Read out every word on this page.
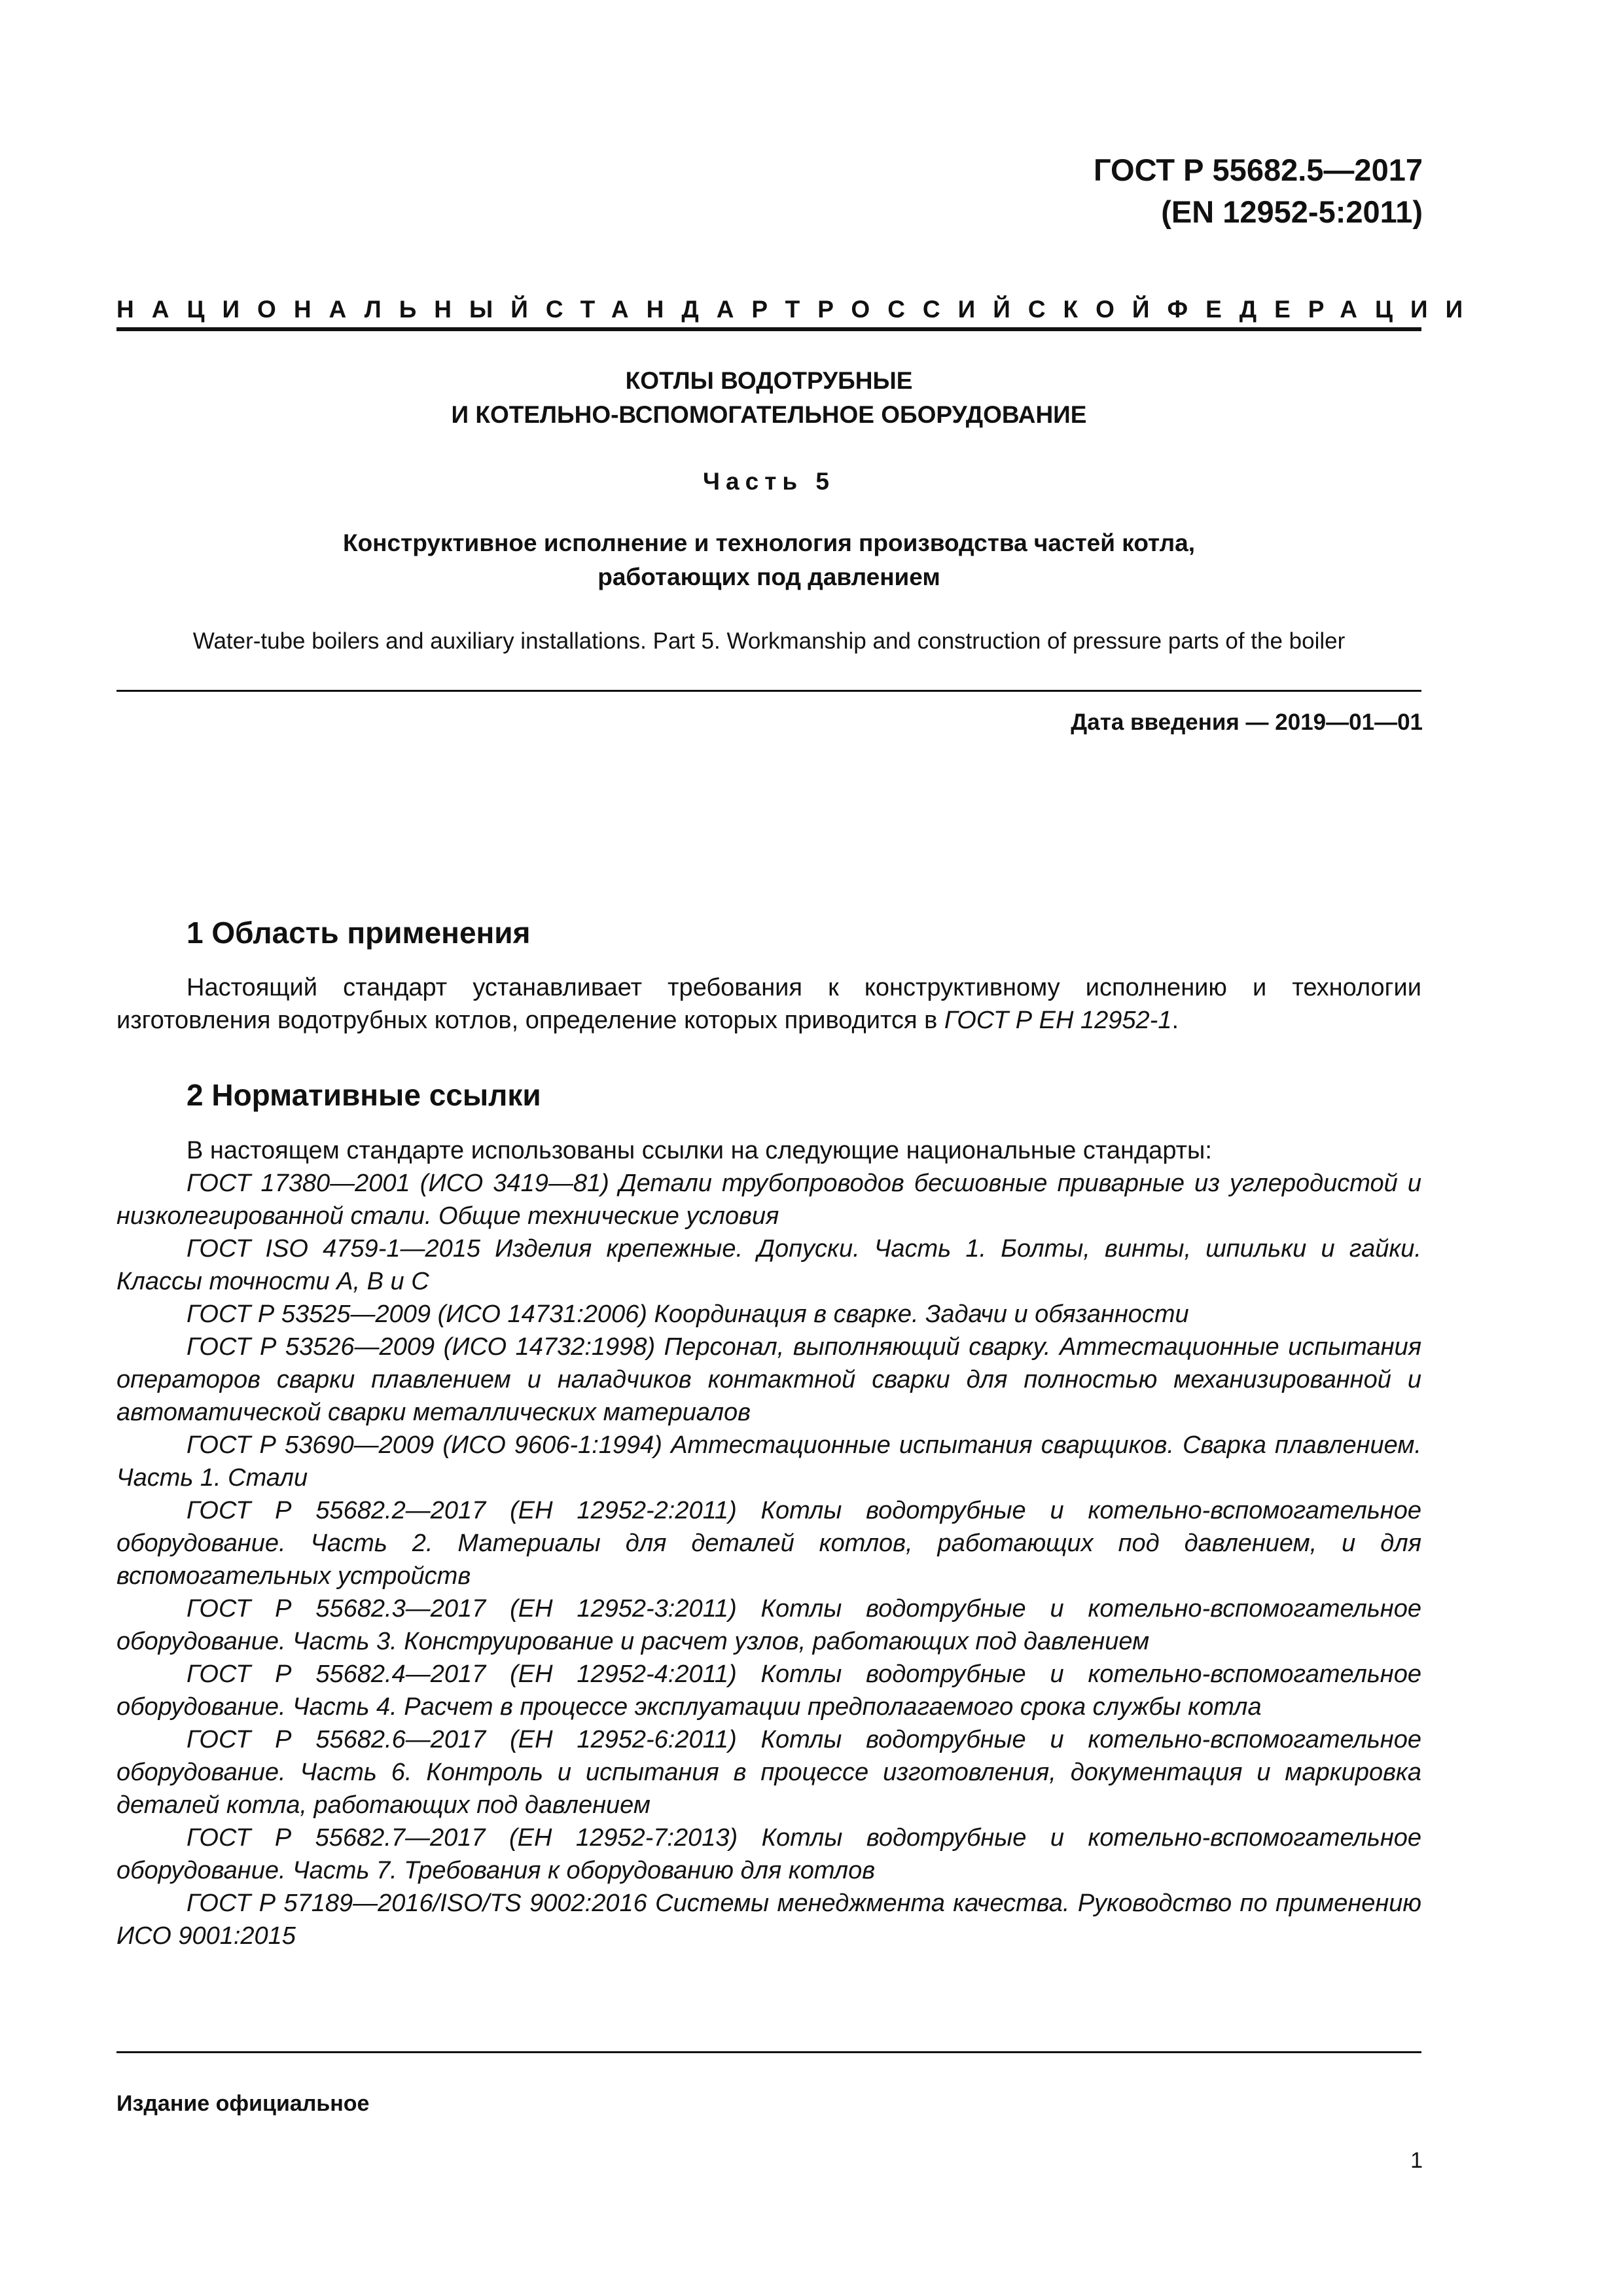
ГОСТ Р 55682.5—2017
(EN 12952-5:2011)
НАЦИОНАЛЬНЫЙ СТАНДАРТ РОССИЙСКОЙ ФЕДЕРАЦИИ
КОТЛЫ ВОДОТРУБНЫЕ
И КОТЕЛЬНО-ВСПОМОГАТЕЛЬНОЕ ОБОРУДОВАНИЕ
Часть 5
Конструктивное исполнение и технология производства частей котла,
работающих под давлением
Water-tube boilers and auxiliary installations. Part 5. Workmanship and construction of pressure parts of the boiler
Дата введения — 2019—01—01
1 Область применения

Настоящий стандарт устанавливает требования к конструктивному исполнению и технологии изготовления водотрубных котлов, определение которых приводится в ГОСТ Р ЕН 12952-1.

2 Нормативные ссылки

В настоящем стандарте использованы ссылки на следующие национальные стандарты:

ГОСТ 17380—2001 (ИСО 3419—81) Детали трубопроводов бесшовные приварные из углеродистой и низколегированной стали. Общие технические условия

ГОСТ ISO 4759-1—2015 Изделия крепежные. Допуски. Часть 1. Болты, винты, шпильки и гайки. Классы точности А, В и С

ГОСТ Р 53525—2009 (ИСО 14731:2006) Координация в сварке. Задачи и обязанности

ГОСТ Р 53526—2009 (ИСО 14732:1998) Персонал, выполняющий сварку. Аттестационные испытания операторов сварки плавлением и наладчиков контактной сварки для полностью механизированной и автоматической сварки металлических материалов

ГОСТ Р 53690—2009 (ИСО 9606-1:1994) Аттестационные испытания сварщиков. Сварка плавлением. Часть 1. Стали

ГОСТ Р 55682.2—2017 (ЕН 12952-2:2011) Котлы водотрубные и котельно-вспомогательное оборудование. Часть 2. Материалы для деталей котлов, работающих под давлением, и для вспомогательных устройств

ГОСТ Р 55682.3—2017 (ЕН 12952-3:2011) Котлы водотрубные и котельно-вспомогательное оборудование. Часть 3. Конструирование и расчет узлов, работающих под давлением

ГОСТ Р 55682.4—2017 (ЕН 12952-4:2011) Котлы водотрубные и котельно-вспомогательное оборудование. Часть 4. Расчет в процессе эксплуатации предполагаемого срока службы котла

ГОСТ Р 55682.6—2017 (ЕН 12952-6:2011) Котлы водотрубные и котельно-вспомогательное оборудование. Часть 6. Контроль и испытания в процессе изготовления, документация и маркировка деталей котла, работающих под давлением

ГОСТ Р 55682.7—2017 (ЕН 12952-7:2013) Котлы водотрубные и котельно-вспомогательное оборудование. Часть 7. Требования к оборудованию для котлов

ГОСТ Р 57189—2016/ISO/TS 9002:2016 Системы менеджмента качества. Руководство по применению ИСО 9001:2015

Издание официальное
1
